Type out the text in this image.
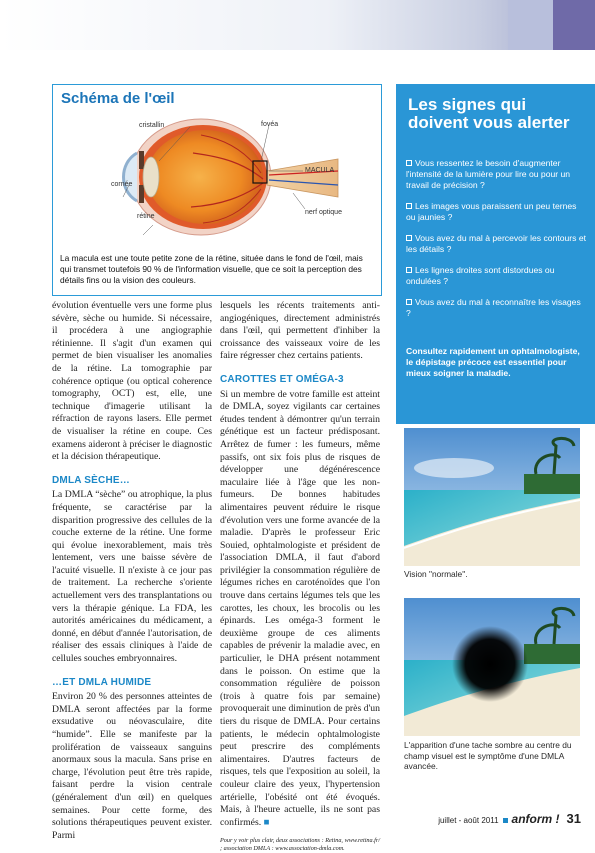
Schéma de l'œil
cristallin
cornée
rétine
fovéa
MACULA
nerf optique
La macula est une toute petite zone de la rétine, située dans le fond de l'œil, mais qui transmet toutefois 90 % de l'information visuelle, que ce soit la perception des détails fins ou la vision des couleurs.

évolution éventuelle vers une forme plus sévère, sèche ou humide. Si nécessaire, il procédera à une angiographie rétinienne. Il s'agit d'un examen qui permet de bien visualiser les anomalies de la rétine. La tomographie par cohérence optique (ou optical coherence tomography, OCT) est, elle, une technique d'imagerie utilisant la réfraction de rayons lasers. Elle permet de visualiser la rétine en coupe. Ces examens aideront à préciser le diagnostic et la décision thérapeutique.

DMLA SÈCHE…

La DMLA “sèche” ou atrophique, la plus fréquente, se caractérise par la disparition progressive des cellules de la couche externe de la rétine. Une forme qui évolue inexorablement, mais très lentement, vers une baisse sévère de l'acuité visuelle. Il n'existe à ce jour pas de traitement. La recherche s'oriente actuellement vers des transplantations ou vers la thérapie génique. La FDA, les autorités américaines du médicament, a donné, en début d'année l'autorisation, de réaliser des essais cliniques à l'aide de cellules souches embryonnaires.

…ET DMLA HUMIDE

Environ 20 % des personnes atteintes de DMLA seront affectées par la forme exsudative ou néovasculaire, dite “humide”. Elle se manifeste par la prolifération de vaisseaux sanguins anormaux sous la macula. Sans prise en charge, l'évolution peut être très rapide, faisant perdre la vision centrale (généralement d'un œil) en quelques semaines. Pour cette forme, des solutions thérapeutiques peuvent exister. Parmi

lesquels les récents traitements anti-angiogéniques, directement administrés dans l'œil, qui permettent d'inhiber la croissance des vaisseaux voire de les faire régresser chez certains patients.

CAROTTES ET OMÉGA-3

Si un membre de votre famille est atteint de DMLA, soyez vigilants car certaines études tendent à démontrer qu'un terrain génétique est un facteur prédisposant. Arrêtez de fumer : les fumeurs, même passifs, ont six fois plus de risques de développer une dégénérescence maculaire liée à l'âge que les non-fumeurs. De bonnes habitudes alimentaires peuvent réduire le risque d'évolution vers une forme avancée de la maladie. D'après le professeur Eric Souied, ophtalmologiste et président de l'association DMLA, il faut d'abord privilégier la consommation régulière de légumes riches en caroténoïdes que l'on trouve dans certains légumes tels que les carottes, les choux, les brocolis ou les épinards. Les oméga-3 forment le deuxième groupe de ces aliments capables de prévenir la maladie avec, en particulier, le DHA présent notamment dans le poisson. On estime que la consommation régulière de poisson (trois à quatre fois par semaine) provoquerait une diminution de près d'un tiers du risque de DMLA. Pour certains patients, le médecin ophtalmologiste peut prescrire des compléments alimentaires. D'autres facteurs de risques, tels que l'exposition au soleil, la couleur claire des yeux, l'hypertension artérielle, l'obésité ont été évoqués. Mais, à l'heure actuelle, ils ne sont pas confirmés. ■

Pour y voir plus clair, deux associations : Retina, www.retina.fr/ ; association DMLA : www.association-dmla.com.

Les signes qui doivent vous alerter
Vous ressentez le besoin d'augmenter l'intensité de la lumière pour lire ou pour un travail de précision ?
Les images vous paraissent un peu ternes ou jaunies ?
Vous avez du mal à percevoir les contours et les détails ?
Les lignes droites sont distordues ou ondulées ?
Vous avez du mal à reconnaître les visages ?
Consultez rapidement un ophtalmologiste, le dépistage précoce est essentiel pour mieux soigner la maladie.
Vision "normale".
L'apparition d'une tache sombre au centre du champ visuel est le symptôme d'une DMLA avancée.
juillet - août 2011 anform ! 31
